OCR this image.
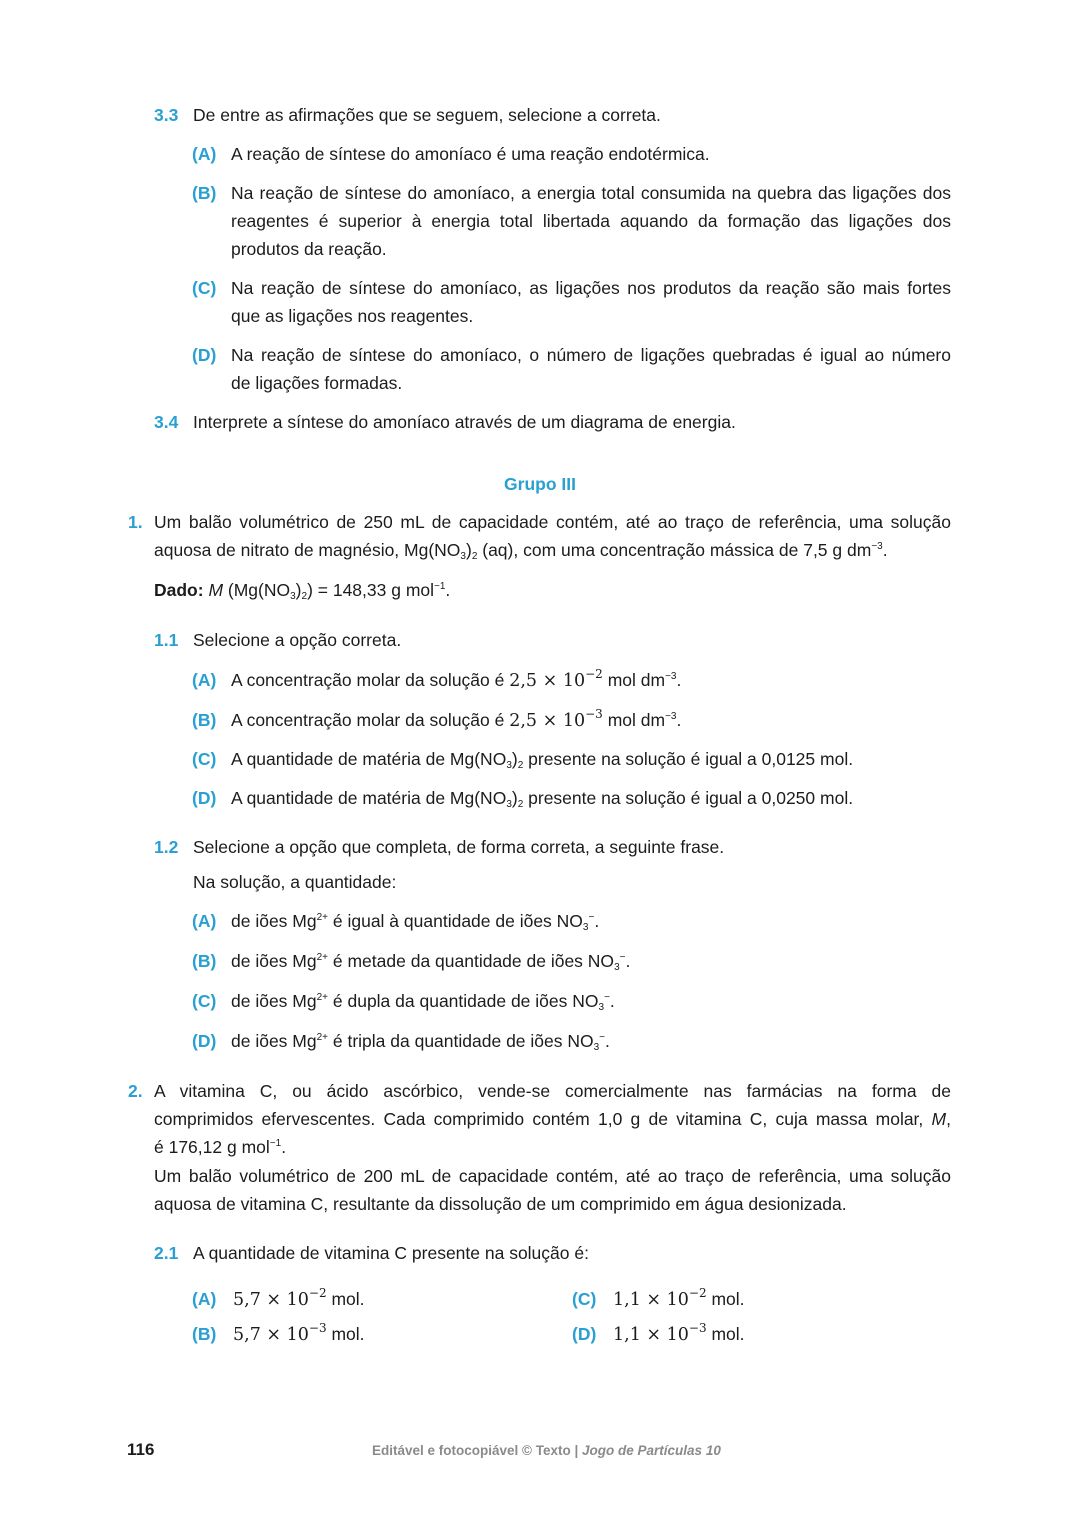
3.3 De entre as afirmações que se seguem, selecione a correta.
(A) A reação de síntese do amoníaco é uma reação endotérmica.
(B) Na reação de síntese do amoníaco, a energia total consumida na quebra das ligações dos
reagentes é superior à energia total libertada aquando da formação das ligações dos
produtos da reação.
(C) Na reação de síntese do amoníaco, as ligações nos produtos da reação são mais fortes
que as ligações nos reagentes.
(D) Na reação de síntese do amoníaco, o número de ligações quebradas é igual ao número
de ligações formadas.
3.4 Interprete a síntese do amoníaco através de um diagrama de energia.
Grupo III
1. Um balão volumétrico de 250 mL de capacidade contém, até ao traço de referência, uma solução
aquosa de nitrato de magnésio, $Mg(NO_3)_2$ (aq), com uma concentração mássica de 7,5 g $dm^{-3}$.
Dado: M $(Mg(NO_3)_2) = 148,33$ g mol$^{-1}$.
1.1 Selecione a opção correta.
(A) A concentração molar da solução é $2,5 \times 10^{-2}$ mol $dm^{-3}$.
(B) A concentração molar da solução é $2,5 \times 10^{-3}$ mol $dm^{-3}$.
(C) A quantidade de matéria de $Mg(NO_3)_2$ presente na solução é igual a 0,0125 mol.
(D) A quantidade de matéria de $Mg(NO_3)_2$ presente na solução é igual a 0,0250 mol.
1.2 Selecione a opção que completa, de forma correta, a seguinte frase.
Na solução, a quantidade:
(A) de iões $Mg^{2+}$ é igual à quantidade de iões $NO_3^-$.
(B) de iões $Mg^{2+}$ é metade da quantidade de iões $NO_3^-$.
(C) de iões $Mg^{2+}$ é dupla da quantidade de iões $NO_3^-$.
(D) de iões $Mg^{2+}$ é tripla da quantidade de iões $NO_3^-$.
2. A vitamina C, ou ácido ascórbico, vende-se comercialmente nas farmácias na forma de
comprimidos efervescentes. Cada comprimido contém 1,0 g de vitamina C, cuja massa molar, M,
é 176,12 g mol$^{-1}$.
Um balão volumétrico de 200 mL de capacidade contém, até ao traço de referência, uma solução
aquosa de vitamina C, resultante da dissolução de um comprimido em água desionizada.
2.1 A quantidade de vitamina C presente na solução é:
(A) $5,7 \times 10^{-2}$ mol.
(B) $5,7 \times 10^{-3}$ mol.
(C) $1,1 \times 10^{-2}$ mol.
(D) $1,1 \times 10^{-3}$ mol.
116	Editável e fotocopiável © Texto | Jogo de Partículas 10
